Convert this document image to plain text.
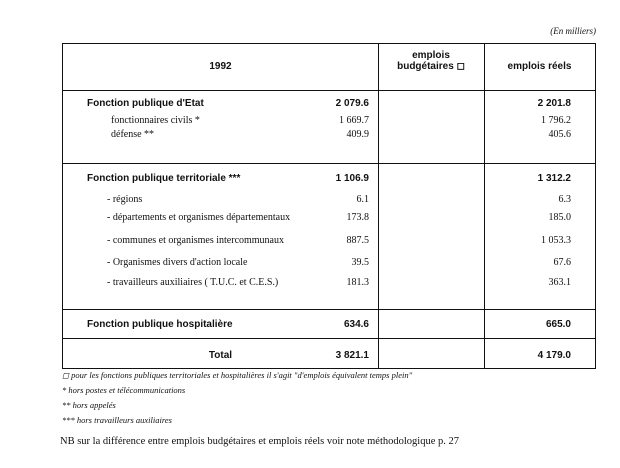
(En milliers)
1992
emplois
budgétaires ◻	emplois réels
Fonction publique d'Etat	2 079.6	2 201.8
fonctionnaires civils *	1 669.7	1 796.2
défense **	409.9	405.6
Fonction publique territoriale ***	1 106.9	1 312.2
- régions	6.1	6.3
- départements et organismes départementaux	173.8	185.0
- communes et organismes intercommunaux	887.5	1 053.3
- Organismes divers d'action locale	39.5	67.6
- travailleurs auxiliaires ( T.U.C. et C.E.S.)	181.3	363.1
Fonction publique hospitalière	634.6	665.0
Total	3 821.1	4 179.0
◻ pour les fonctions publiques territoriales et hospitalières il s'agit "d'emplois équivalent temps plein"
* hors postes et télécommunications
** hors appelés
*** hors travailleurs auxiliaires
NB sur la différence entre emplois budgétaires et emplois réels voir note méthodologique p. 27
